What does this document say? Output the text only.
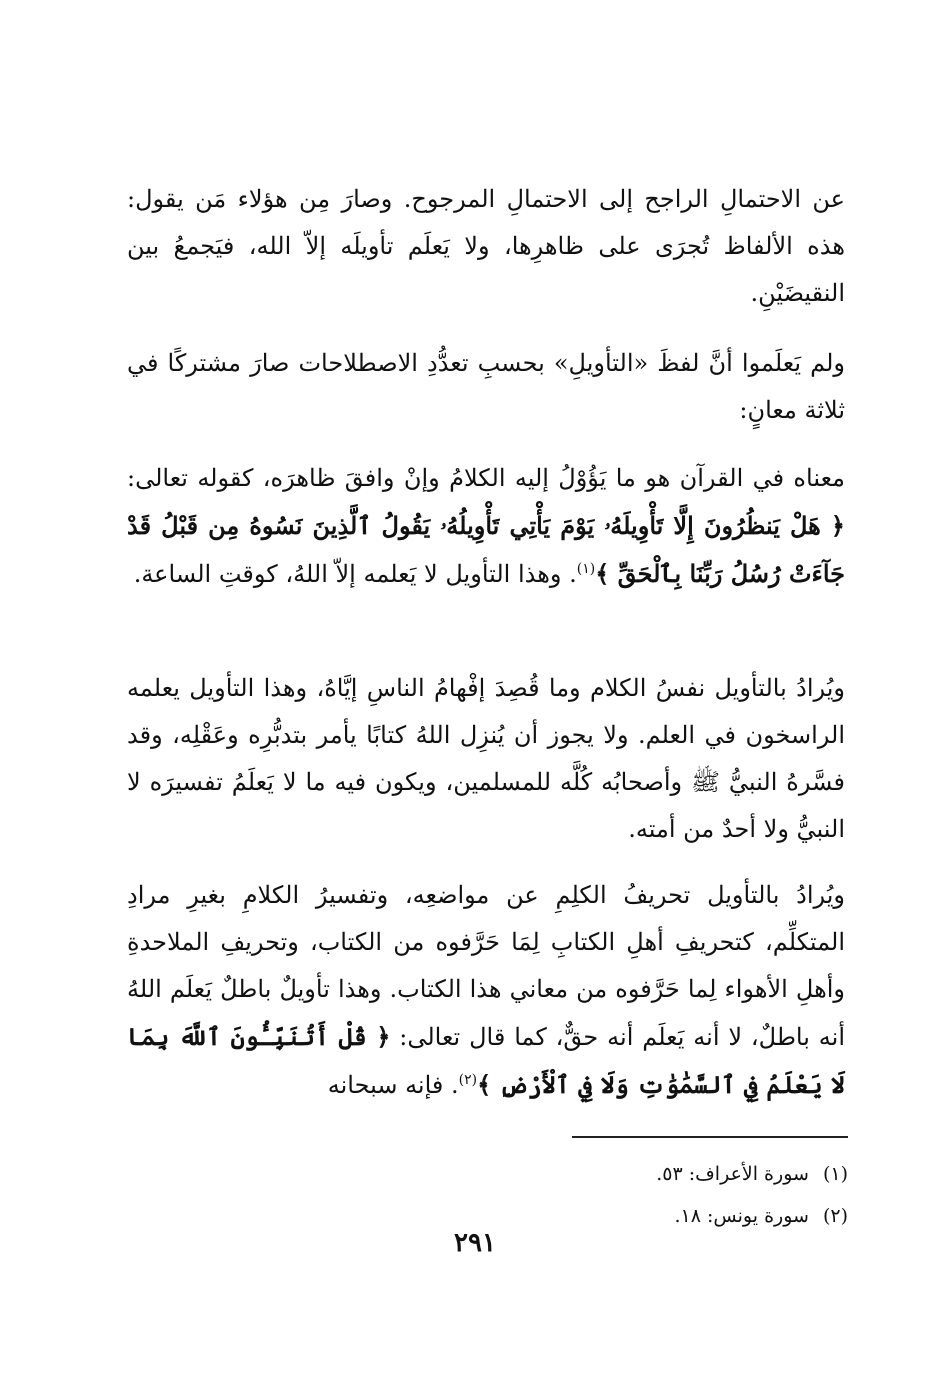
عن الاحتمالِ الراجح إلى الاحتمالِ المرجوح. وصارَ مِن هؤلاء مَن يقول: هذه الألفاظ تُجرَى على ظاهرِها، ولا يَعلَم تأويلَه إلاّ الله، فيَجمعُ بين النقيضَيْنِ.

ولم يَعلَموا أنَّ لفظَ «التأويلِ» بحسبِ تعدُّدِ الاصطلاحات صارَ مشتركًا في ثلاثة معانٍ:

معناه في القرآن هو ما يَؤُوْلُ إليه الكلامُ وإنْ وافقَ ظاهرَه، كقوله تعالى: ﴿ هَلْ يَنظُرُونَ إِلَّا تَأْوِيلَهُۥ يَوْمَ يَأْتِي تَأْوِيلُهُۥ يَقُولُ ٱلَّذِينَ نَسُوهُ مِن قَبْلُ قَدْ جَآءَتْ رُسُلُ رَبِّنَا بِٱلْحَقِّ ﴾$^{(١)}$. وهذا التأويل لا يَعلمه إلاّ اللهُ، كوقتِ الساعة.

ويُرادُ بالتأويل نفسُ الكلام وما قُصِدَ إفْهامُ الناسِ إيَّاهُ، وهذا التأويل يعلمه الراسخون في العلم. ولا يجوز أن يُنزِل اللهُ كتابًا يأمر بتدبُّرِه وعَقْلِه، وقد فسَّرهُ النبيُّ ﷺ وأصحابُه كُلَّه للمسلمين، ويكون فيه ما لا يَعلَمُ تفسيرَه لا النبيُّ ولا أحدٌ من أمته.

ويُرادُ بالتأويل تحريفُ الكلِمِ عن مواضعِه، وتفسيرُ الكلامِ بغيرِ مرادِ المتكلِّم، كتحريفِ أهلِ الكتابِ لِمَا حَرَّفوه من الكتاب، وتحريفِ الملاحدةِ وأهلِ الأهواء لِما حَرَّفوه من معاني هذا الكتاب. وهذا تأويلٌ باطلٌ يَعلَم اللهُ أنه باطلٌ، لا أنه يَعلَم أنه حقٌّ، كما قال تعالى: ﴿ قُلْ أَتُنَبِّـُٔونَ ٱللَّهَ بِمَا لَا يَعْلَمُ فِي ٱلسَّمَٰوَٰتِ وَلَا فِي ٱلْأَرْضِ ﴾$^{(٢)}$. فإنه سبحانه

(١)سورة الأعراف: ٥٣.
(٢)سورة يونس: ١٨.
٢٩١
